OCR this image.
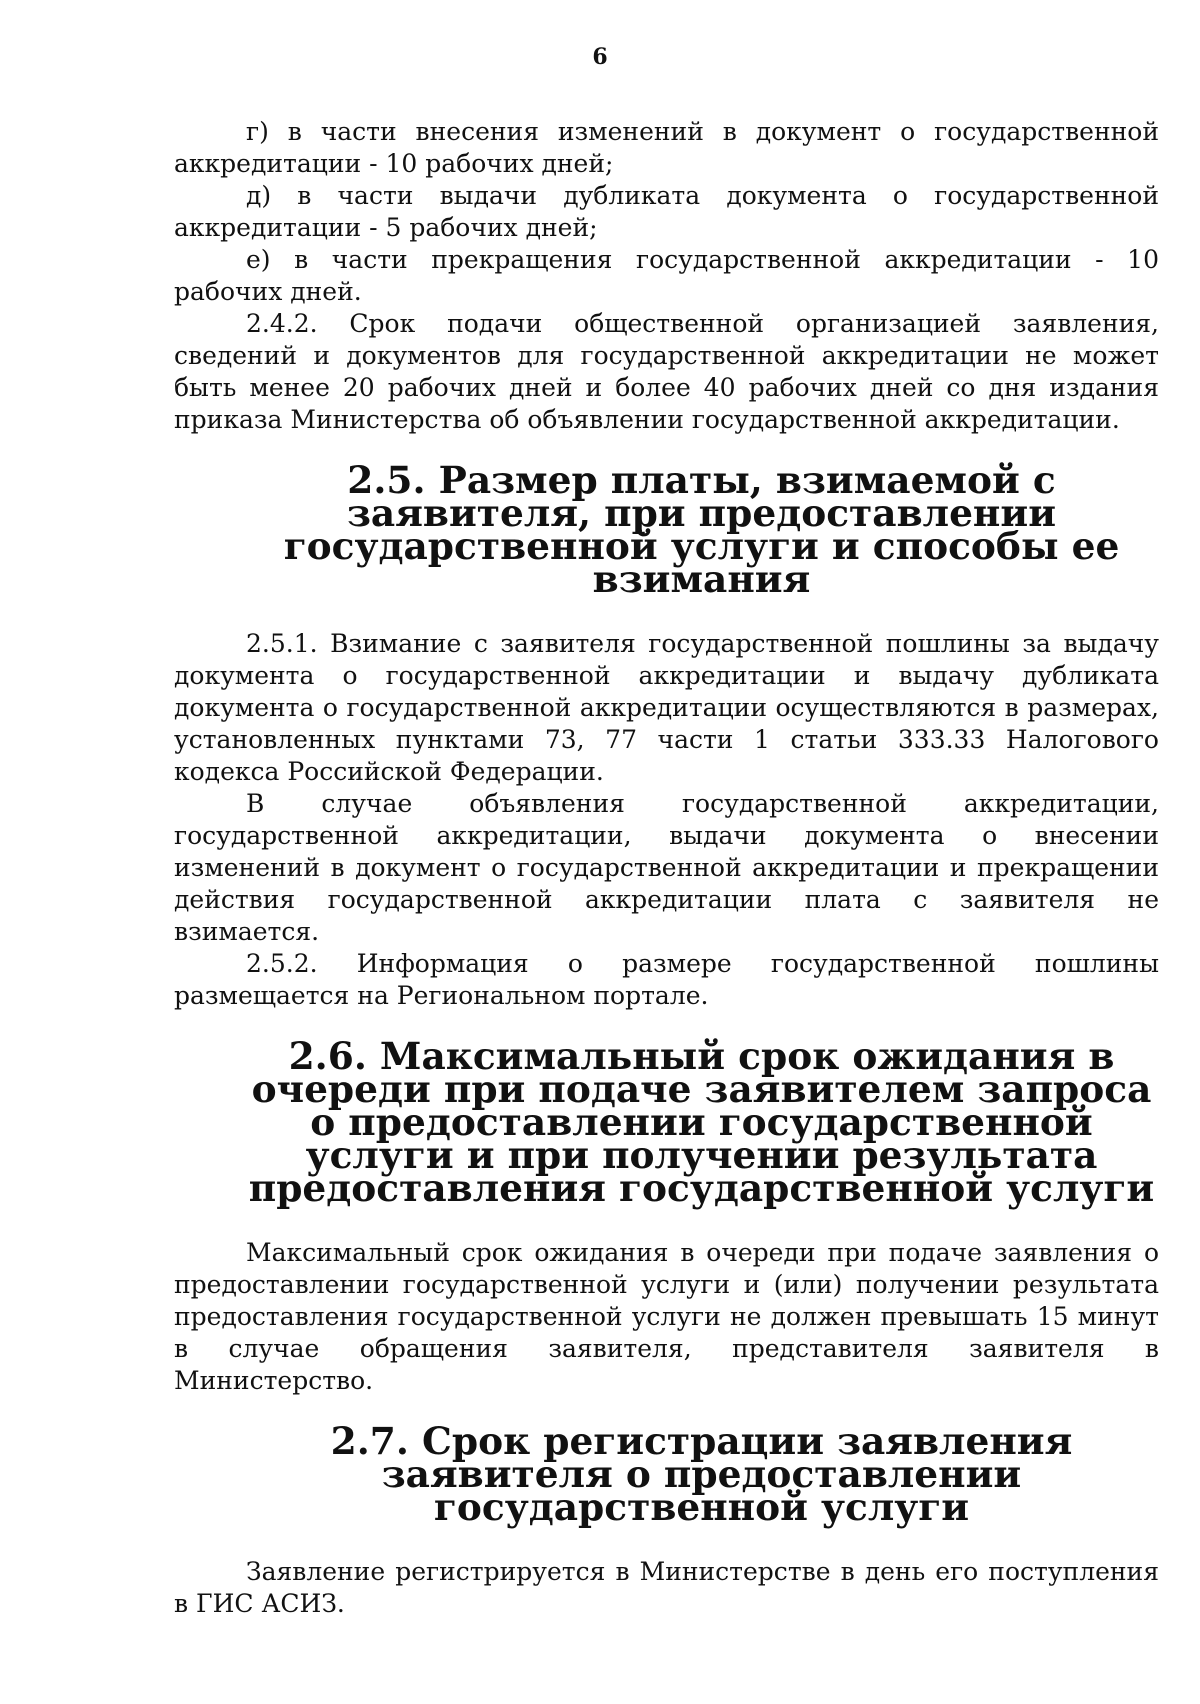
6

г) в части внесения изменений в документ о государственной аккредитации - 10 рабочих дней;

д) в части выдачи дубликата документа о государственной аккредитации - 5 рабочих дней;

е) в части прекращения государственной аккредитации - 10 рабочих дней.

2.4.2. Срок подачи общественной организацией заявления, сведений и документов для государственной аккредитации не может быть менее 20 рабочих дней и более 40 рабочих дней со дня издания приказа Министерства об объявлении государственной аккредитации.

2.5. Размер платы, взимаемой с заявителя, при предоставлении государственной услуги и способы ее взимания

2.5.1. Взимание с заявителя государственной пошлины за выдачу документа о государственной аккредитации и выдачу дубликата документа о государственной аккредитации осуществляются в размерах, установленных пунктами 73, 77 части 1 статьи 333.33 Налогового кодекса Российской Федерации.

В случае объявления государственной аккредитации, государственной аккредитации, выдачи документа о внесении изменений в документ о государственной аккредитации и прекращении действия государственной аккредитации плата с заявителя не взимается.

2.5.2. Информация о размере государственной пошлины размещается на Региональном портале.

2.6. Максимальный срок ожидания в очереди при подаче заявителем запроса о предоставлении государственной услуги и при получении результата предоставления государственной услуги

Максимальный срок ожидания в очереди при подаче заявления о предоставлении государственной услуги и (или) получении результата предоставления государственной услуги не должен превышать 15 минут в случае обращения заявителя, представителя заявителя в Министерство.

2.7. Срок регистрации заявления заявителя о предоставлении государственной услуги

Заявление регистрируется в Министерстве в день его поступления в ГИС АСИЗ.
